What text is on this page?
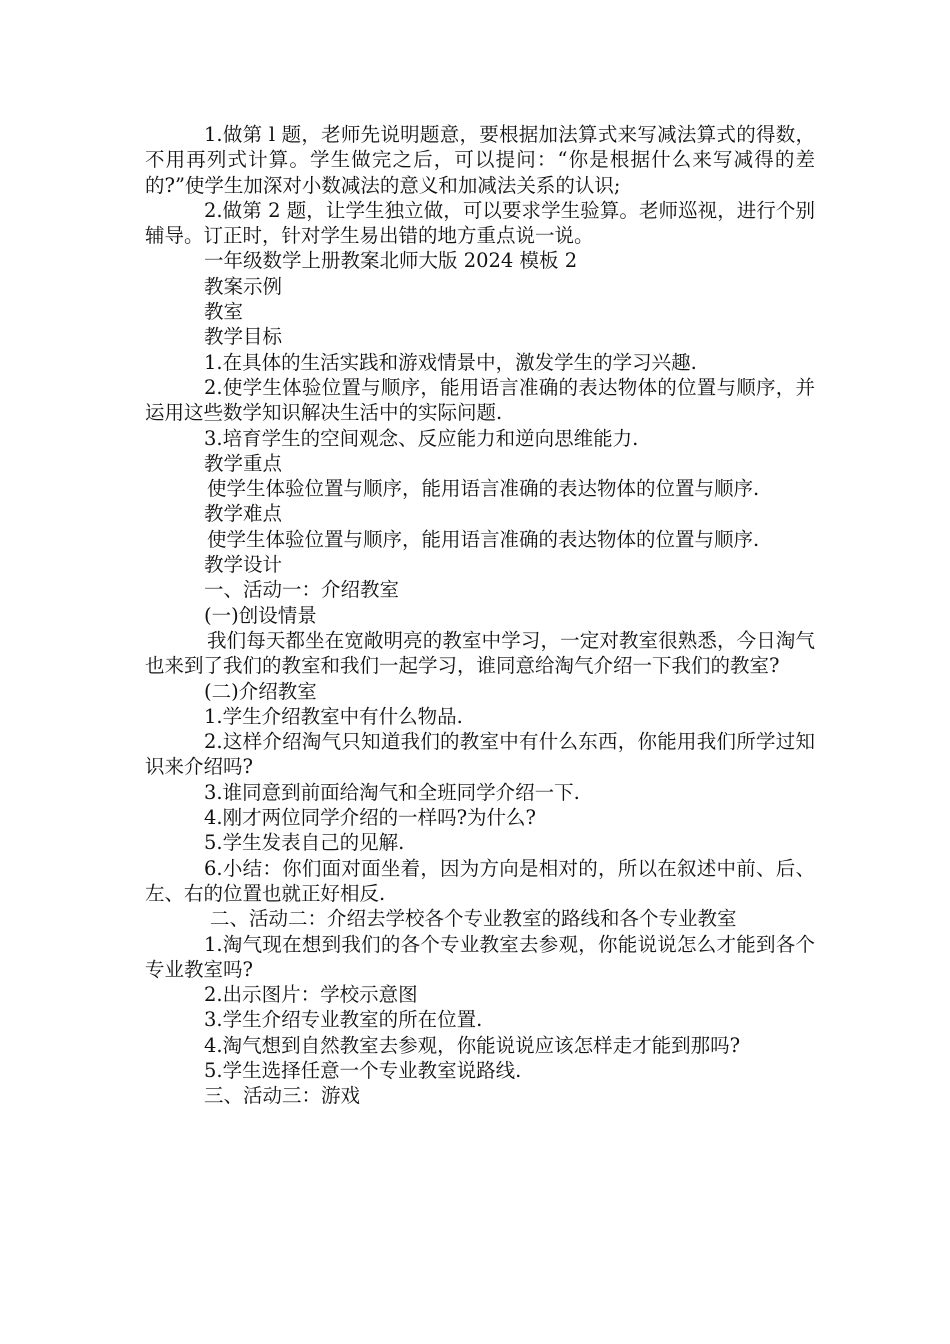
1.做第 l 题，老师先说明题意，要根据加法算式来写减法算式的得数，不用再列式计算。学生做完之后，可以提问：“你是根据什么来写减得的差的?”使学生加深对小数减法的意义和加减法关系的认识;

2.做第 2 题，让学生独立做，可以要求学生验算。老师巡视，进行个别辅导。订正时，针对学生易出错的地方重点说一说。

一年级数学上册教案北师大版 2024 模板 2

教案示例

教室

教学目标

1.在具体的生活实践和游戏情景中，激发学生的学习兴趣.

2.使学生体验位置与顺序，能用语言准确的表达物体的位置与顺序，并运用这些数学知识解决生活中的实际问题.

3.培育学生的空间观念、反应能力和逆向思维能力.

教学重点

使学生体验位置与顺序，能用语言准确的表达物体的位置与顺序.

教学难点

使学生体验位置与顺序，能用语言准确的表达物体的位置与顺序.

教学设计

一、活动一：介绍教室

(一)创设情景

我们每天都坐在宽敞明亮的教室中学习，一定对教室很熟悉，今日淘气也来到了我们的教室和我们一起学习，谁同意给淘气介绍一下我们的教室?

(二)介绍教室

1.学生介绍教室中有什么物品.

2.这样介绍淘气只知道我们的教室中有什么东西，你能用我们所学过知识来介绍吗?

3.谁同意到前面给淘气和全班同学介绍一下.

4.刚才两位同学介绍的一样吗?为什么?

5.学生发表自己的见解.

6.小结：你们面对面坐着，因为方向是相对的，所以在叙述中前、后、左、右的位置也就正好相反.

二、活动二：介绍去学校各个专业教室的路线和各个专业教室

1.淘气现在想到我们的各个专业教室去参观，你能说说怎么才能到各个专业教室吗?

2.出示图片：学校示意图

3.学生介绍专业教室的所在位置.

4.淘气想到自然教室去参观，你能说说应该怎样走才能到那吗?

5.学生选择任意一个专业教室说路线.

三、活动三：游戏
